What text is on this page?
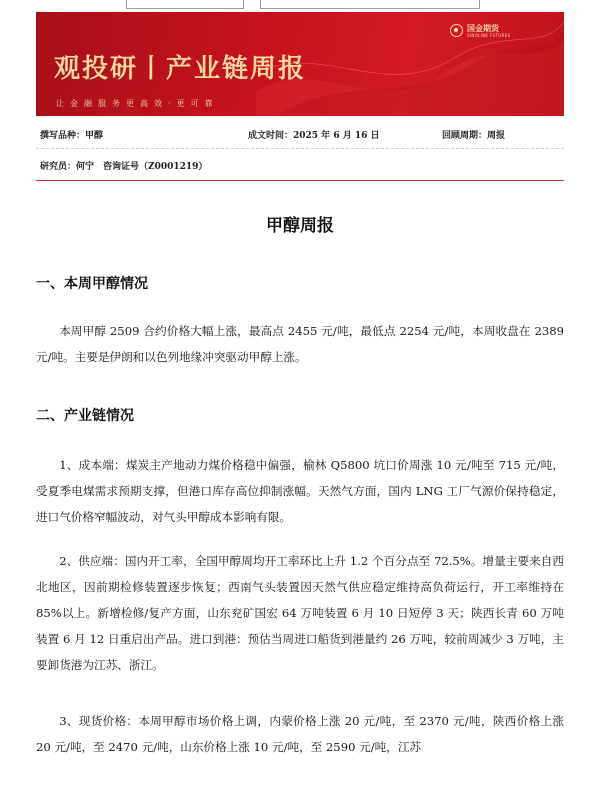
国金期货
SINOLINK FUTURES
观投研丨产业链周报
让金融服务更高效·更可靠
撰写品种：甲醇	成文时间：2025 年 6 月 16 日	回顾周期：周报
研究员：何宁　咨询证号（Z0001219）
甲醇周报
一、本周甲醇情况
本周甲醇 2509 合约价格大幅上涨，最高点 2455 元/吨，最低点 2254 元/吨，本周收盘在 2389 元/吨。主要是伊朗和以色列地缘冲突驱动甲醇上涨。
二、产业链情况
1、成本端：煤炭主产地动力煤价格稳中偏强，榆林 Q5800 坑口价周涨 10 元/吨至 715 元/吨，受夏季电煤需求预期支撑，但港口库存高位抑制涨幅。天然气方面，国内 LNG 工厂气源价保持稳定，进口气价格窄幅波动，对气头甲醇成本影响有限。
2、供应端：国内开工率，全国甲醇周均开工率环比上升 1.2 个百分点至 72.5%。增量主要来自西北地区，因前期检修装置逐步恢复；西南气头装置因天然气供应稳定维持高负荷运行，开工率维持在 85%以上。新增检修/复产方面，山东兖矿国宏 64 万吨装置 6 月 10 日短停 3 天；陕西长青 60 万吨装置 6 月 12 日重启出产品。进口到港：预估当周进口船货到港量约 26 万吨，较前周减少 3 万吨，主要卸货港为江苏、浙江。
3、现货价格：本周甲醇市场价格上调，内蒙价格上涨 20 元/吨，至 2370 元/吨，陕西价格上涨 20 元/吨，至 2470 元/吨，山东价格上涨 10 元/吨，至 2590 元/吨，江苏
